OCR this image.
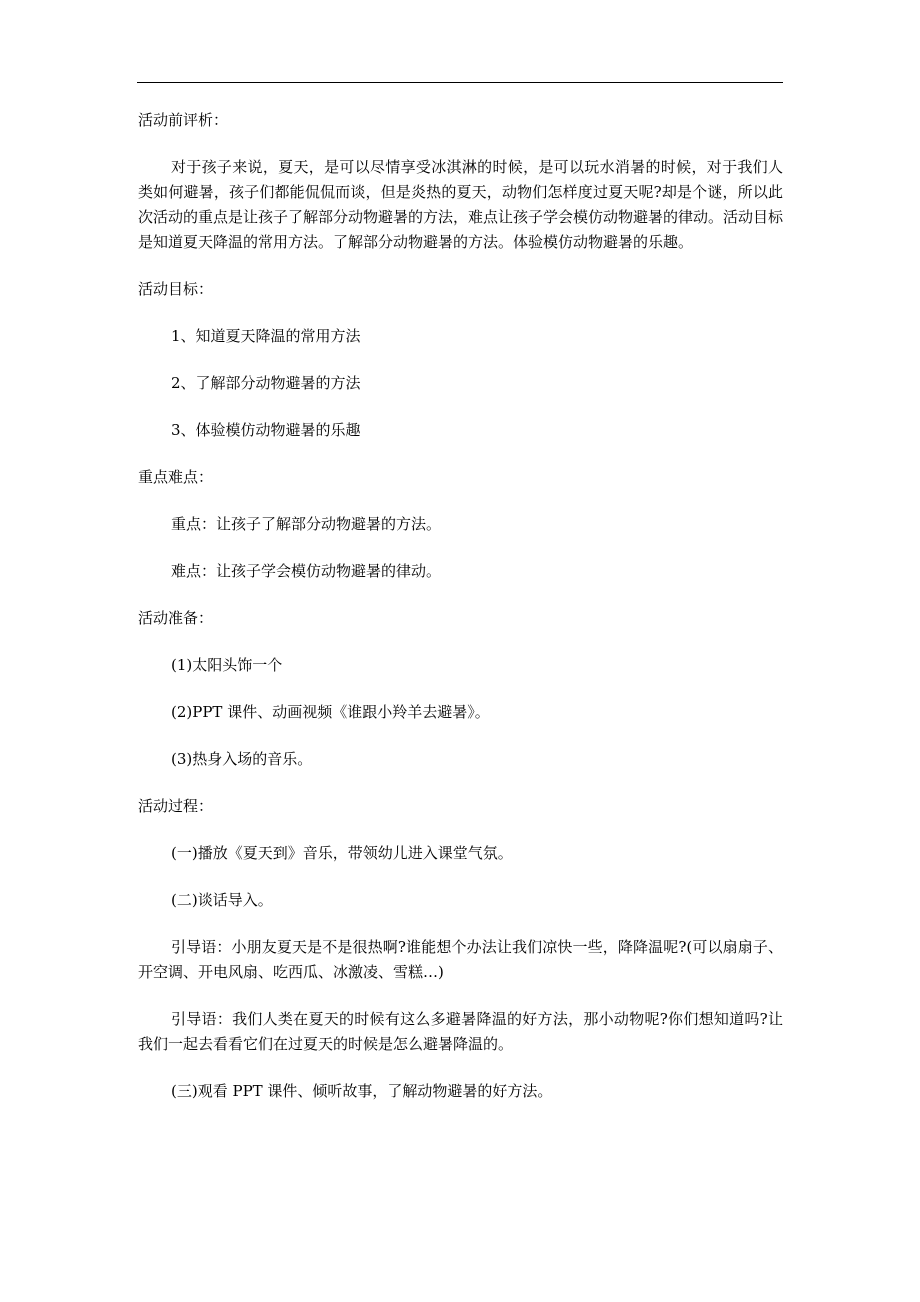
活动前评析：
对于孩子来说，夏天，是可以尽情享受冰淇淋的时候，是可以玩水消暑的时候，对于我们人类如何避暑，孩子们都能侃侃而谈，但是炎热的夏天，动物们怎样度过夏天呢?却是个谜，所以此次活动的重点是让孩子了解部分动物避暑的方法，难点让孩子学会模仿动物避暑的律动。活动目标是知道夏天降温的常用方法。了解部分动物避暑的方法。体验模仿动物避暑的乐趣。
活动目标：
1、知道夏天降温的常用方法
2、了解部分动物避暑的方法
3、体验模仿动物避暑的乐趣
重点难点：
重点：让孩子了解部分动物避暑的方法。
难点：让孩子学会模仿动物避暑的律动。
活动准备：
(1)太阳头饰一个
(2)PPT 课件、动画视频《谁跟小羚羊去避暑》。
(3)热身入场的音乐。
活动过程：
(一)播放《夏天到》音乐，带领幼儿进入课堂气氛。
(二)谈话导入。
引导语：小朋友夏天是不是很热啊?谁能想个办法让我们凉快一些，降降温呢?(可以扇扇子、开空调、开电风扇、吃西瓜、冰激凌、雪糕…)
引导语：我们人类在夏天的时候有这么多避暑降温的好方法，那小动物呢?你们想知道吗?让我们一起去看看它们在过夏天的时候是怎么避暑降温的。
(三)观看 PPT 课件、倾听故事，了解动物避暑的好方法。
